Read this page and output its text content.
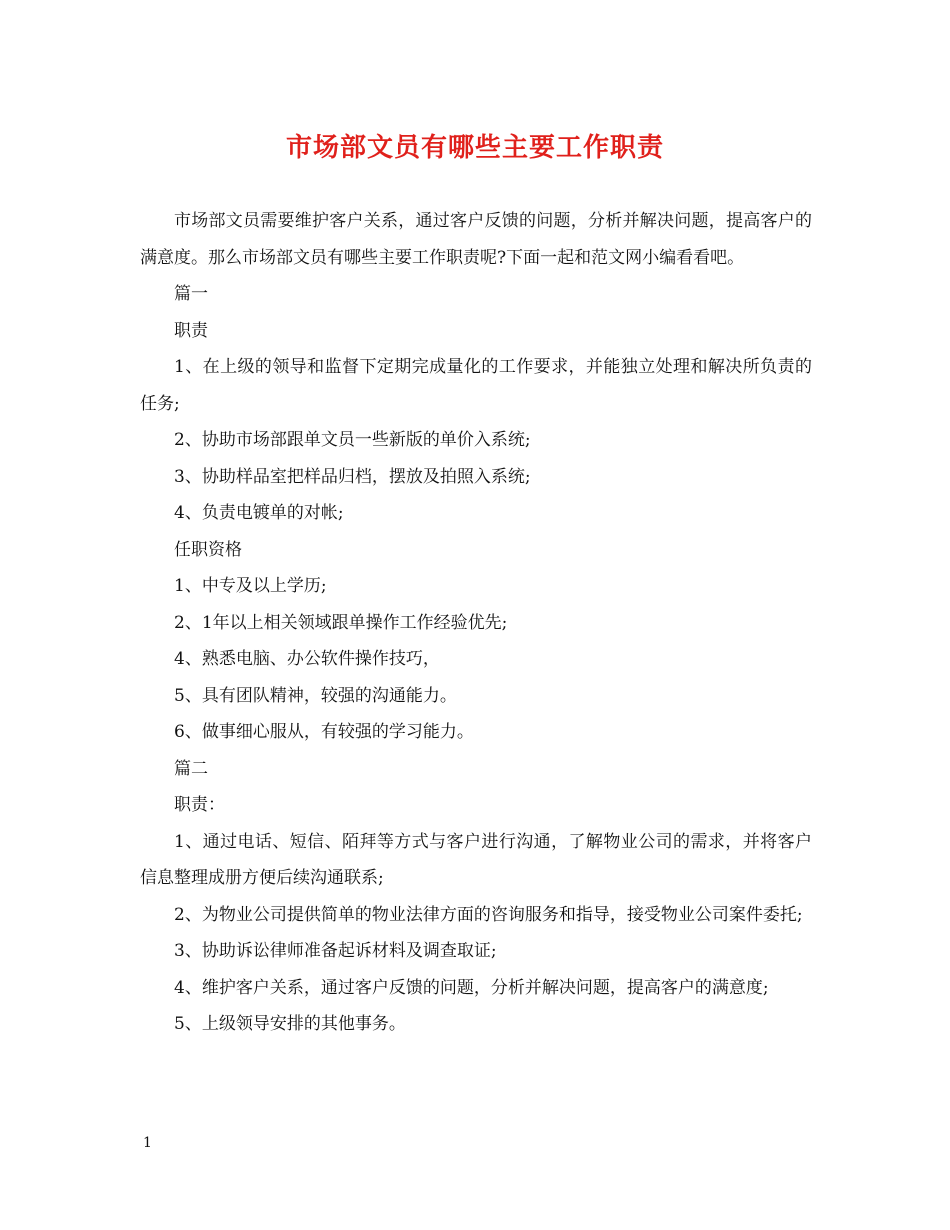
市场部文员有哪些主要工作职责

市场部文员需要维护客户关系，通过客户反馈的问题，分析并解决问题，提高客户的满意度。那么市场部文员有哪些主要工作职责呢?下面一起和范文网小编看看吧。

篇一

职责

1、在上级的领导和监督下定期完成量化的工作要求，并能独立处理和解决所负责的任务;

2、协助市场部跟单文员一些新版的单价入系统;

3、协助样品室把样品归档，摆放及拍照入系统;

4、负责电镀单的对帐;

任职资格

1、中专及以上学历;

2、1年以上相关领域跟单操作工作经验优先;

4、熟悉电脑、办公软件操作技巧，

5、具有团队精神，较强的沟通能力。

6、做事细心服从，有较强的学习能力。

篇二

职责：

1、通过电话、短信、陌拜等方式与客户进行沟通，了解物业公司的需求，并将客户信息整理成册方便后续沟通联系;

2、为物业公司提供简单的物业法律方面的咨询服务和指导，接受物业公司案件委托;

3、协助诉讼律师准备起诉材料及调查取证;

4、维护客户关系，通过客户反馈的问题，分析并解决问题，提高客户的满意度;

5、上级领导安排的其他事务。

1
